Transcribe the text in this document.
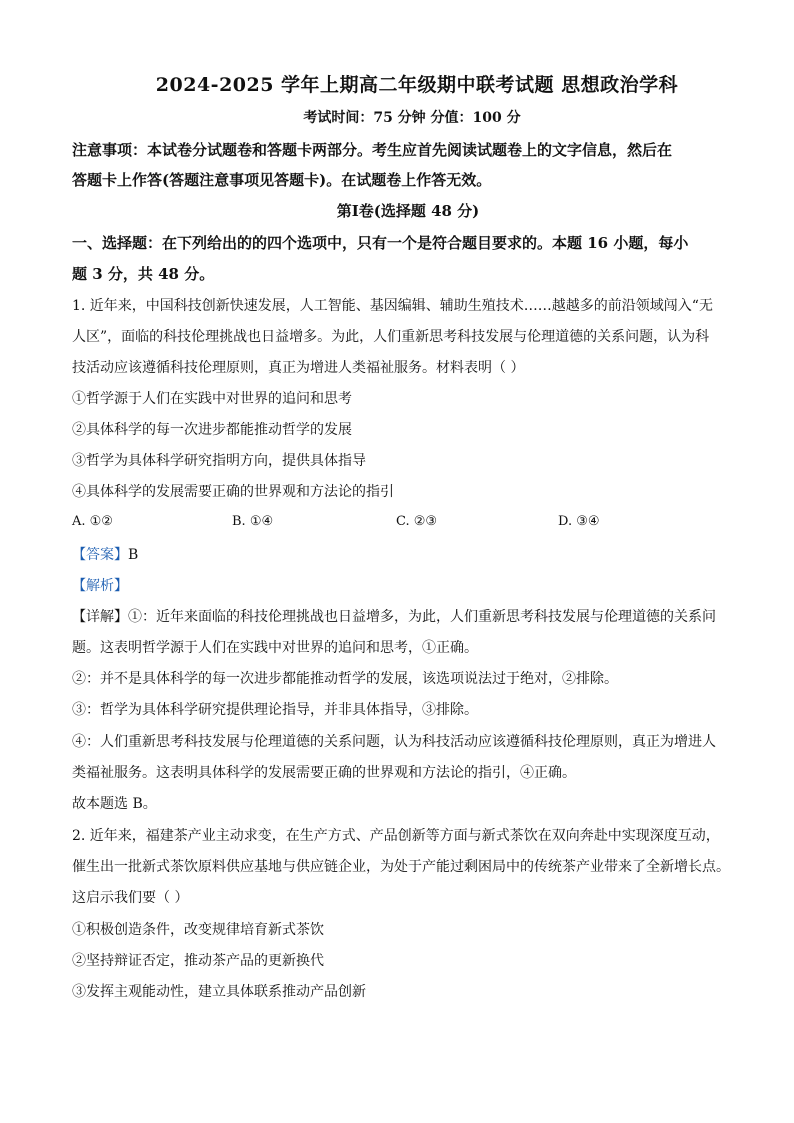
2024-2025 学年上期高二年级期中联考试题 思想政治学科
考试时间：75 分钟 分值：100 分
注意事项：本试卷分试题卷和答题卡两部分。考生应首先阅读试题卷上的文字信息，然后在
答题卡上作答(答题注意事项见答题卡)。在试题卷上作答无效。
第Ⅰ卷(选择题 48 分)
一、选择题：在下列给出的的四个选项中，只有一个是符合题目要求的。本题 16 小题，每小
题 3 分，共 48 分。
1. 近年来，中国科技创新快速发展，人工智能、基因编辑、辅助生殖技术……越越多的前沿领域闯入“无
人区”，面临的科技伦理挑战也日益增多。为此，人们重新思考科技发展与伦理道德的关系问题，认为科
技活动应该遵循科技伦理原则，真正为增进人类福祉服务。材料表明（ ）
①哲学源于人们在实践中对世界的追问和思考
②具体科学的每一次进步都能推动哲学的发展
③哲学为具体科学研究指明方向，提供具体指导
④具体科学的发展需要正确的世界观和方法论的指引
A. ①②	B. ①④	C. ②③	D. ③④
【答案】B
【解析】
【详解】①：近年来面临的科技伦理挑战也日益增多，为此，人们重新思考科技发展与伦理道德的关系问
题。这表明哲学源于人们在实践中对世界的追问和思考，①正确。
②：并不是具体科学的每一次进步都能推动哲学的发展，该选项说法过于绝对，②排除。
③：哲学为具体科学研究提供理论指导，并非具体指导，③排除。
④：人们重新思考科技发展与伦理道德的关系问题，认为科技活动应该遵循科技伦理原则，真正为增进人
类福祉服务。这表明具体科学的发展需要正确的世界观和方法论的指引，④正确。
故本题选 B。
2. 近年来，福建茶产业主动求变，在生产方式、产品创新等方面与新式茶饮在双向奔赴中实现深度互动，
催生出一批新式茶饮原料供应基地与供应链企业，为处于产能过剩困局中的传统茶产业带来了全新增长点。
这启示我们要（ ）
①积极创造条件，改变规律培育新式茶饮
②坚持辩证否定，推动茶产品的更新换代
③发挥主观能动性，建立具体联系推动产品创新
